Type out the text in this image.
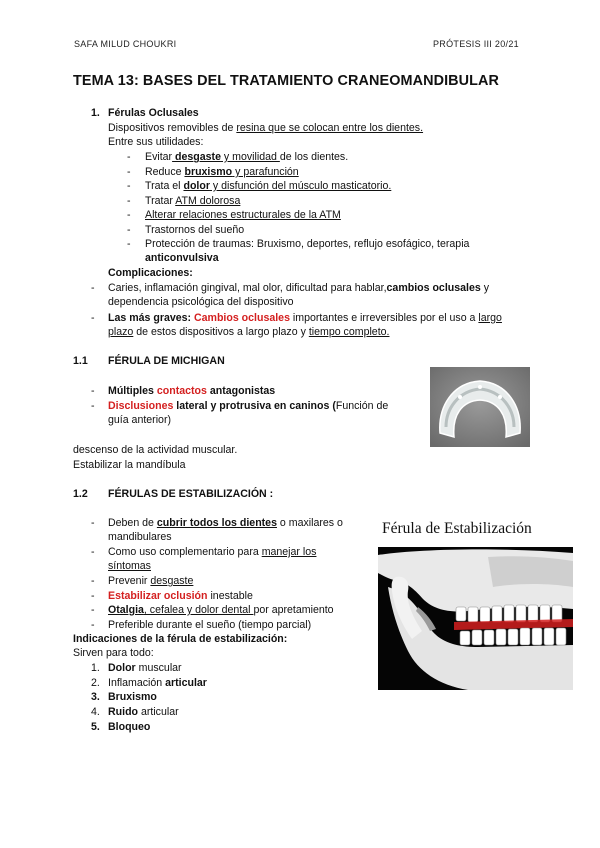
SAFA MILUD CHOUKRI	PRÓTESIS III 20/21
TEMA 13: BASES DEL TRATAMIENTO CRANEOMANDIBULAR
1. Férulas Oclusales
Dispositivos removibles de resina que se colocan entre los dientes.
Entre sus utilidades:
- Evitar desgaste y movilidad de los dientes.
- Reduce bruxismo y parafunción
- Trata el dolor y disfunción del músculo masticatorio.
- Tratar ATM dolorosa
- Alterar relaciones estructurales de la ATM
- Trastornos del sueño
- Protección de traumas: Bruxismo, deportes, reflujo esofágico, terapia
anticonvulsiva
Complicaciones:
- Caries, inflamación gingival, mal olor, dificultad para hablar,cambios oclusales y
dependencia psicológica del dispositivo
- Las más graves: Cambios oclusales importantes e irreversibles por el uso a largo
plazo de estos dispositivos a largo plazo y tiempo completo.
1.1 FÉRULA DE MICHIGAN
- Múltiples contactos antagonistas
- Disclusiones lateral y protrusiva en caninos (Función de
guía anterior)
descenso de la actividad muscular.
Estabilizar la mandíbula
1.2 FÉRULAS DE ESTABILIZACIÓN :
- Deben de cubrir todos los dientes o maxilares o
mandibulares
- Como uso complementario para manejar los
síntomas
- Prevenir desgaste
- Estabilizar oclusión inestable
- Otalgia, cefalea y dolor dental por apretamiento
- Preferible durante el sueño (tiempo parcial)
Indicaciones de la férula de estabilización:
Sirven para todo:
1. Dolor muscular
2. Inflamación articular
3. Bruxismo
4. Ruido articular
5. Bloqueo
Férula de Estabilización
